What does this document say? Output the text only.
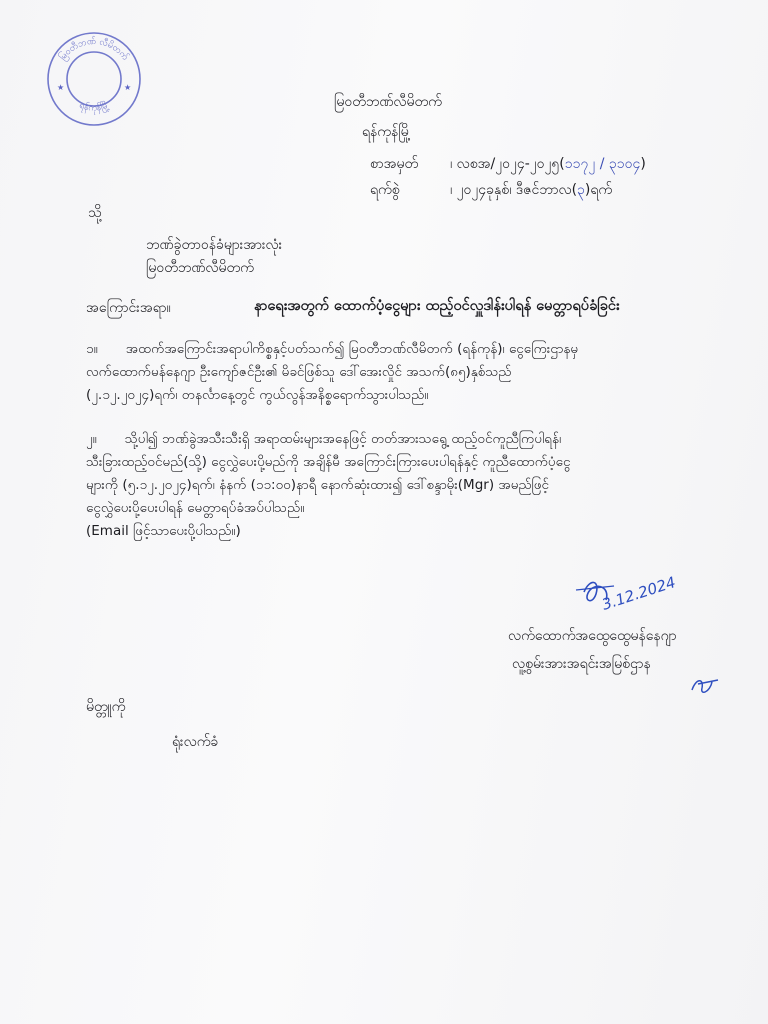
မြဝတီဘဏ် လီမိတက်
ရန်ကုန်မြို့
★	★
မြဝတီဘဏ်လီမိတက်
ရန်ကုန်မြို့
စာအမှတ် ၊ လစအ/၂၀၂၄-၂၀၂၅(၁၁၇၂ / ၃၁၀၄)
ရက်စွဲ	၊ ၂၀၂၄ခုနှစ်၊ ဒီဇင်ဘာလ(၃)ရက်
သို့
ဘဏ်ခွဲတာဝန်ခံများအားလုံး
မြဝတီဘဏ်လီမိတက်
အကြောင်းအရာ။	နာရေးအတွက် ထောက်ပံ့ငွေများ ထည့်ဝင်လှူဒါန်းပါရန် မေတ္တာရပ်ခံခြင်း
၁။ အထက်အကြောင်းအရာပါကိစ္စနှင့်ပတ်သက်၍ မြဝတီဘဏ်လီမိတက် (ရန်ကုန်)၊ ငွေကြေးဌာနမှ
လက်ထောက်မန်နေဂျာ ဦးကျော်ဇင်ဦး၏ မိခင်ဖြစ်သူ ဒေါ်အေးလှိုင် အသက်(၈၅)နှစ်သည်
(၂.၁၂.၂၀၂၄)ရက်၊ တနင်္လာနေ့တွင် ကွယ်လွန်အနိစ္စရောက်သွားပါသည်။
၂။ သို့ပါ၍ ဘဏ်ခွဲအသီးသီးရှိ အရာထမ်းများအနေဖြင့် တတ်အားသရွေ့ ထည့်ဝင်ကူညီကြပါရန်၊
သီးခြားထည့်ဝင်မည်(သို့) ငွေလွှဲပေးပို့မည်ကို အချိန်မီ အကြောင်းကြားပေးပါရန်နှင့် ကူညီထောက်ပံ့ငွေ
များကို (၅.၁၂.၂၀၂၄)ရက်၊ နံနက် (၁၁:၀၀)နာရီ နောက်ဆုံးထား၍ ဒေါ်စန္ဒာမိုး(Mgr) အမည်ဖြင့်
ငွေလွှဲပေးပို့ပေးပါရန် မေတ္တာရပ်ခံအပ်ပါသည်။
(Email ဖြင့်သာပေးပို့ပါသည်။)
3.12.2024
လက်ထောက်အထွေထွေမန်နေဂျာ
လူ့စွမ်းအားအရင်းအမြစ်ဌာန
မိတ္တူကို
ရုံးလက်ခံ
